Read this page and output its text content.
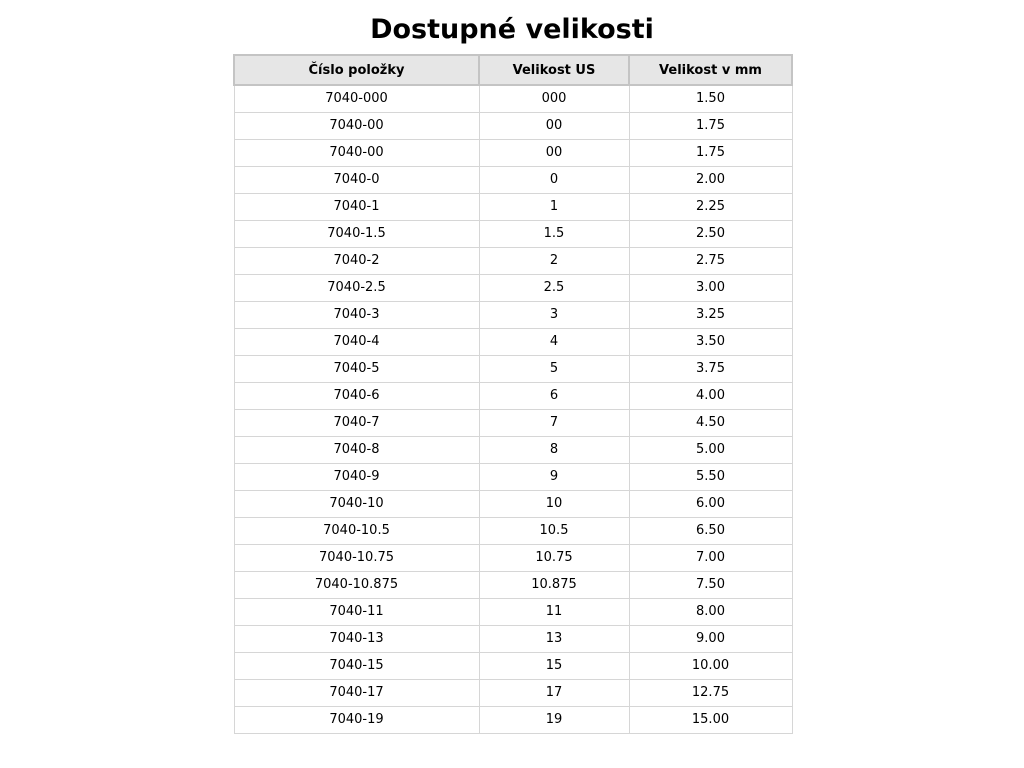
Dostupné velikosti
Číslo položky	Velikost US	Velikost v mm
7040-000	000	1.50
7040-00	00	1.75
7040-00	00	1.75
7040-0	0	2.00
7040-1	1	2.25
7040-1.5	1.5	2.50
7040-2	2	2.75
7040-2.5	2.5	3.00
7040-3	3	3.25
7040-4	4	3.50
7040-5	5	3.75
7040-6	6	4.00
7040-7	7	4.50
7040-8	8	5.00
7040-9	9	5.50
7040-10	10	6.00
7040-10.5	10.5	6.50
7040-10.75	10.75	7.00
7040-10.875	10.875	7.50
7040-11	11	8.00
7040-13	13	9.00
7040-15	15	10.00
7040-17	17	12.75
7040-19	19	15.00
